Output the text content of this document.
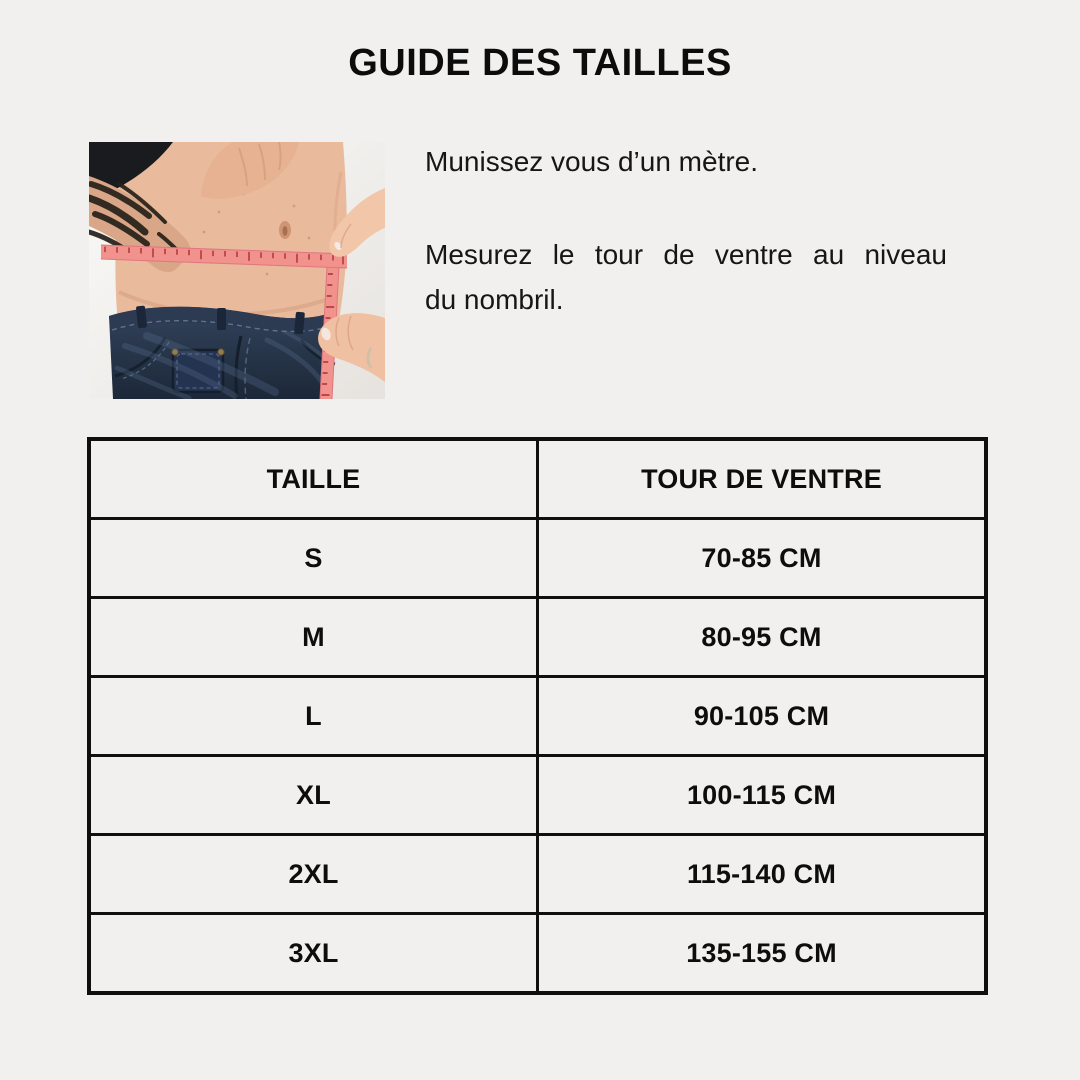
GUIDE DES TAILLES

Munissez vous d’un mètre.

Mesurez le tour de ventre au niveau
du nombril.

TAILLE	TOUR DE VENTRE
S	70-85 CM
M	80-95 CM
L	90-105 CM
XL	100-115 CM
2XL	115-140 CM
3XL	135-155 CM
